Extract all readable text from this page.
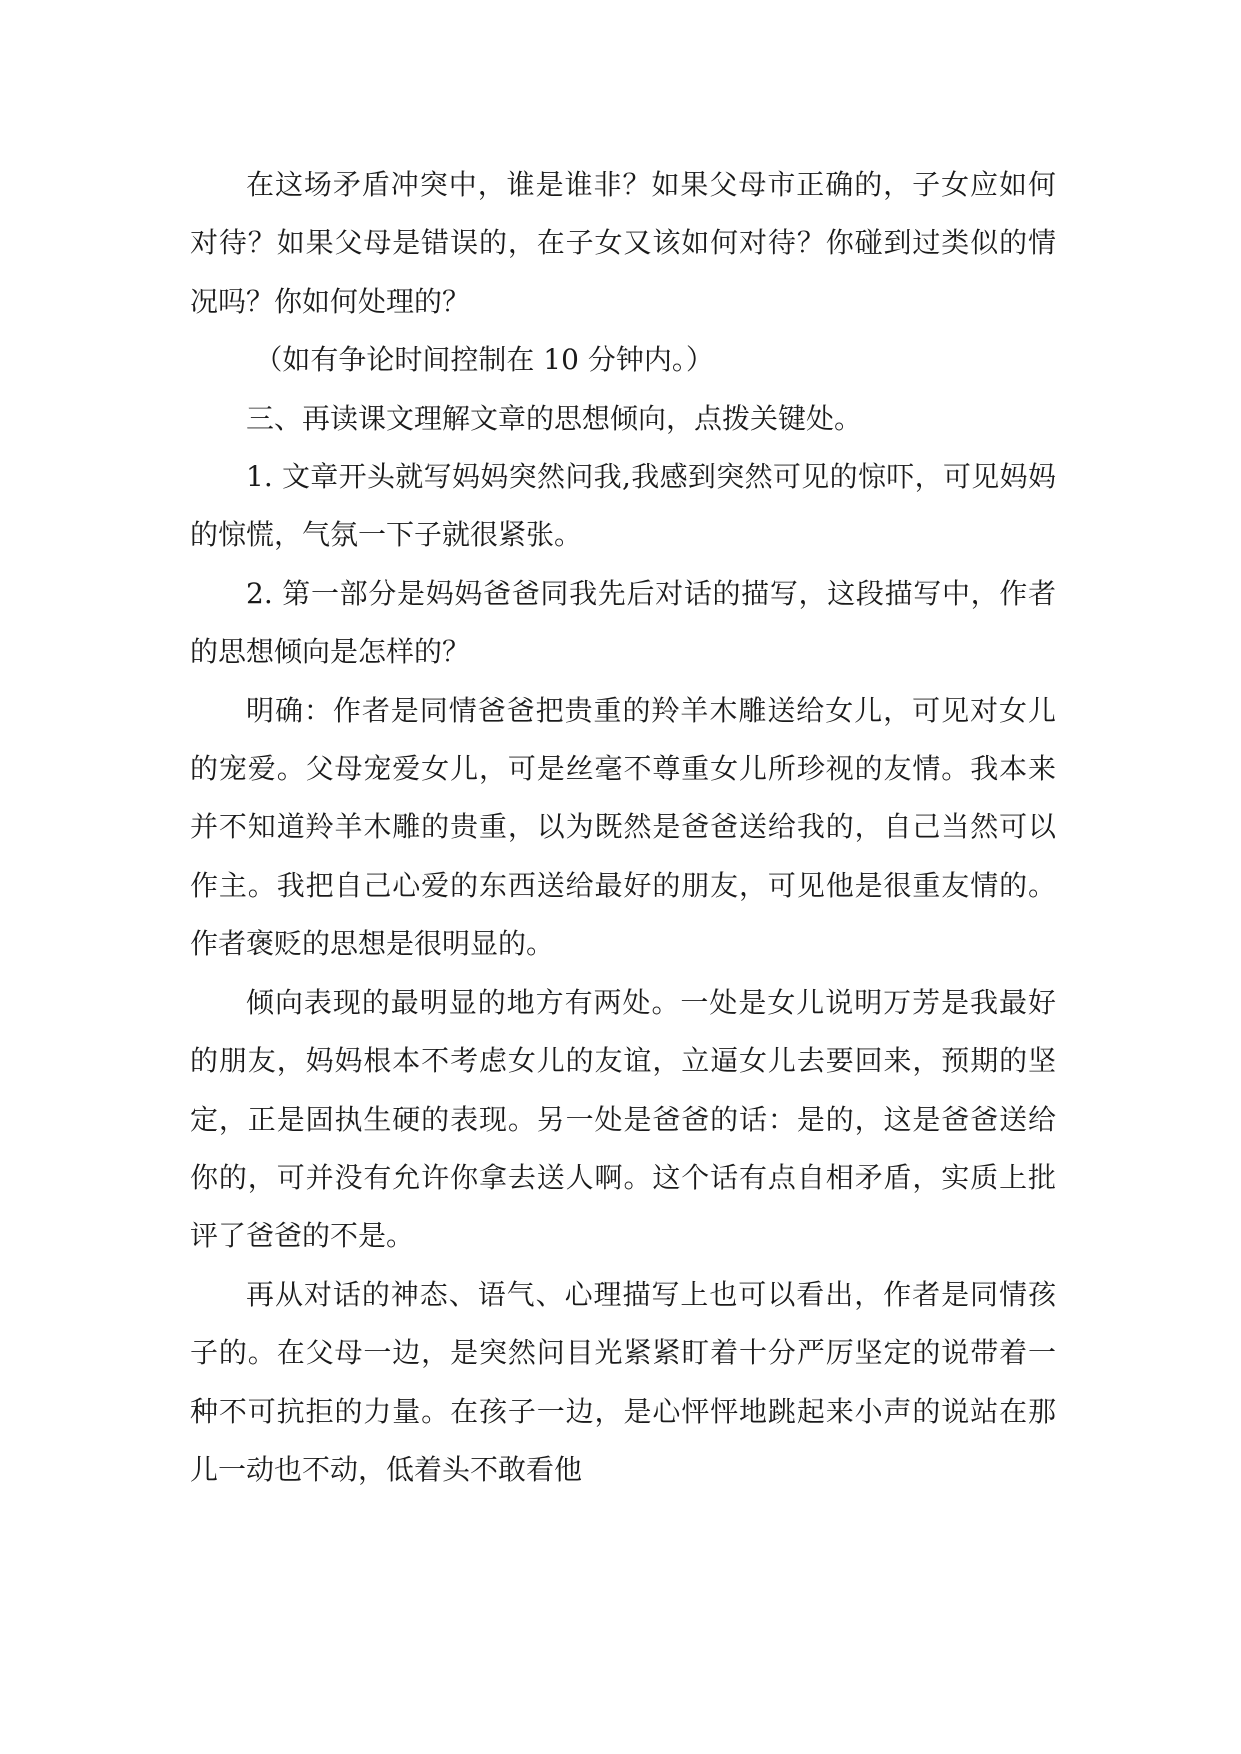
在这场矛盾冲突中，谁是谁非？如果父母市正确的，子女应如何对待？如果父母是错误的，在子女又该如何对待？你碰到过类似的情况吗？你如何处理的？

（如有争论时间控制在 10 分钟内。）

三、再读课文理解文章的思想倾向，点拨关键处。

1. 文章开头就写妈妈突然问我,我感到突然可见的惊吓，可见妈妈的惊慌，气氛一下子就很紧张。

2. 第一部分是妈妈爸爸同我先后对话的描写，这段描写中，作者的思想倾向是怎样的？

明确：作者是同情爸爸把贵重的羚羊木雕送给女儿，可见对女儿的宠爱。父母宠爱女儿，可是丝毫不尊重女儿所珍视的友情。我本来并不知道羚羊木雕的贵重，以为既然是爸爸送给我的，自己当然可以作主。我把自己心爱的东西送给最好的朋友，可见他是很重友情的。作者褒贬的思想是很明显的。

倾向表现的最明显的地方有两处。一处是女儿说明万芳是我最好的朋友，妈妈根本不考虑女儿的友谊，立逼女儿去要回来，预期的坚定，正是固执生硬的表现。另一处是爸爸的话：是的，这是爸爸送给你的，可并没有允许你拿去送人啊。这个话有点自相矛盾，实质上批评了爸爸的不是。

再从对话的神态、语气、心理描写上也可以看出，作者是同情孩子的。在父母一边，是突然问目光紧紧盯着十分严厉坚定的说带着一种不可抗拒的力量。在孩子一边，是心怦怦地跳起来小声的说站在那儿一动也不动，低着头不敢看他
